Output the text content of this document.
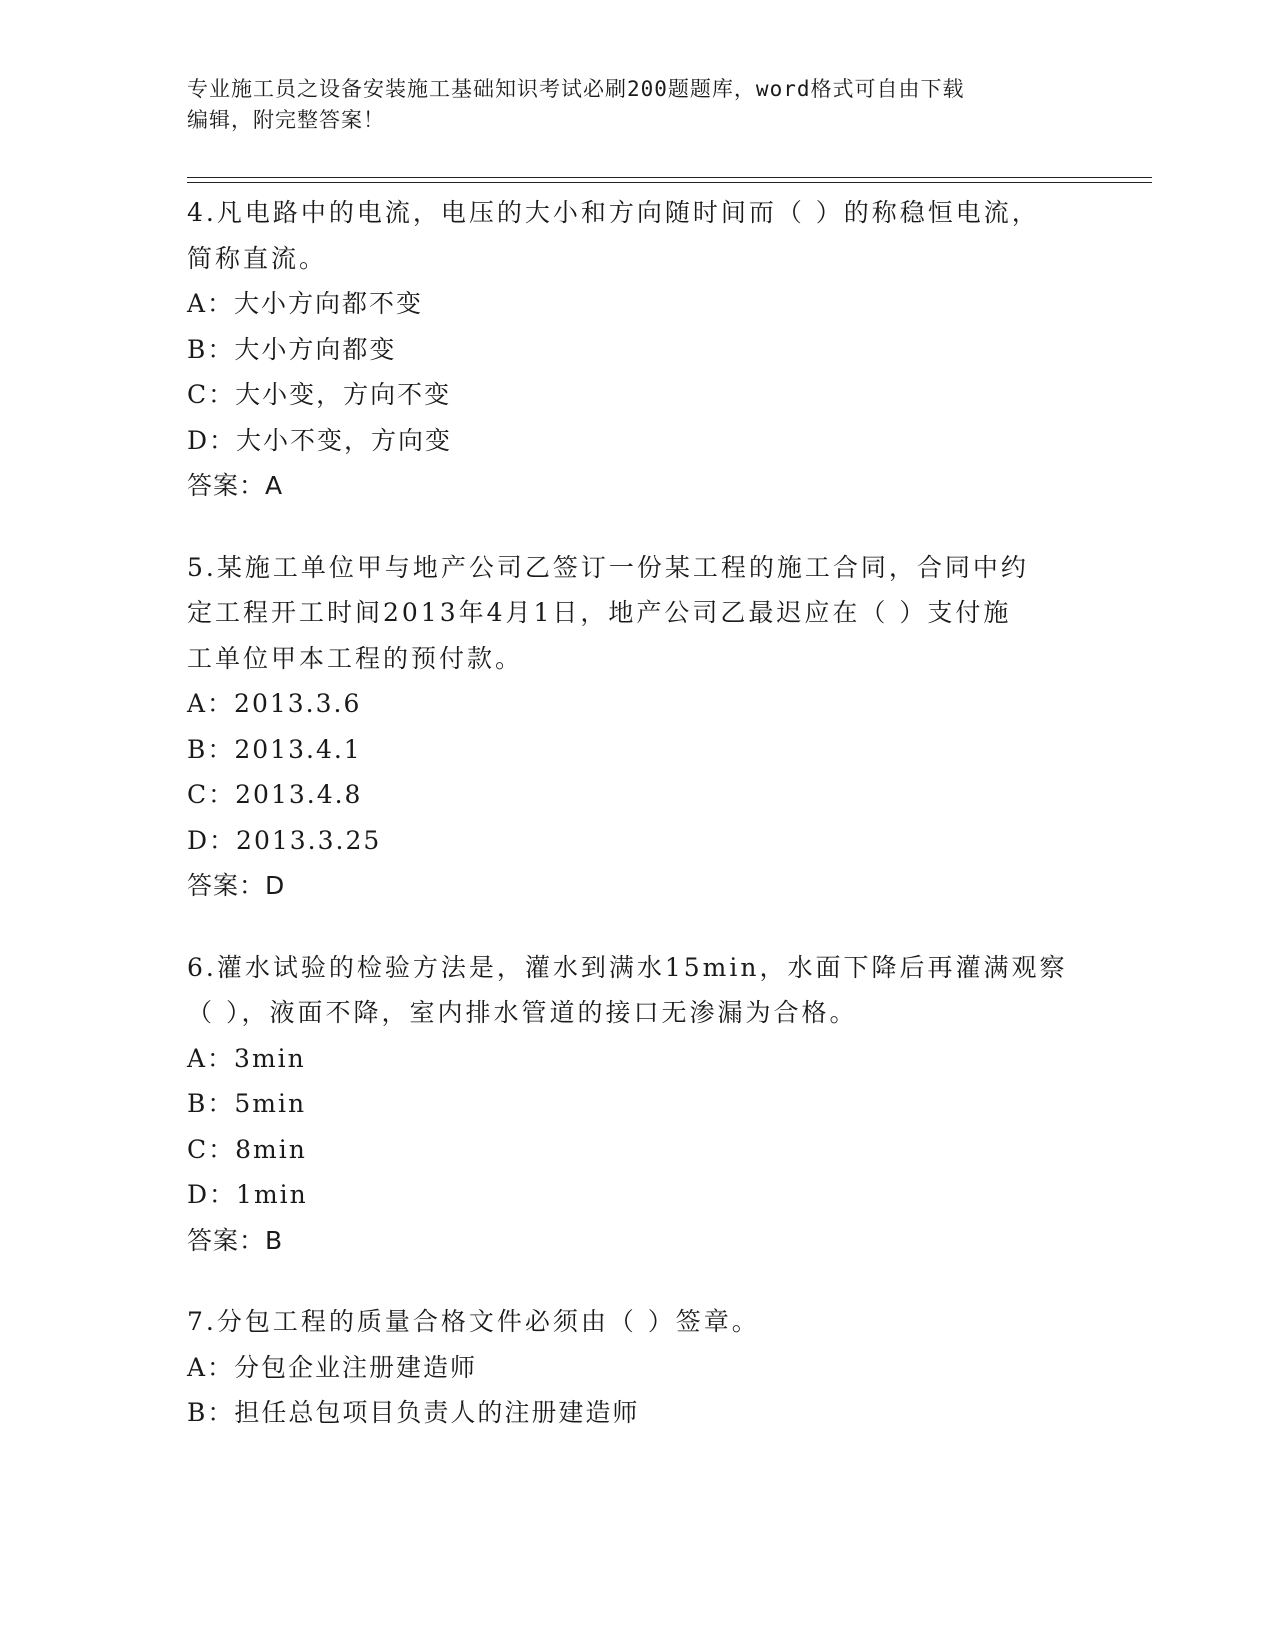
专业施工员之设备安装施工基础知识考试必刷200题题库，word格式可自由下载
编辑，附完整答案！

4.凡电路中的电流，电压的大小和方向随时间而（ ）的称稳恒电流，

简称直流。

A：大小方向都不变

B：大小方向都变

C：大小变，方向不变

D：大小不变，方向变

答案：A

5.某施工单位甲与地产公司乙签订一份某工程的施工合同，合同中约

定工程开工时间2013年4月1日，地产公司乙最迟应在（ ）支付施

工单位甲本工程的预付款。

A：2013.3.6

B：2013.4.1

C：2013.4.8

D：2013.3.25

答案：D

6.灌水试验的检验方法是，灌水到满水15min，水面下降后再灌满观察

（ ），液面不降，室内排水管道的接口无渗漏为合格。

A：3min

B：5min

C：8min

D：1min

答案：B

7.分包工程的质量合格文件必须由（ ）签章。

A：分包企业注册建造师

B：担任总包项目负责人的注册建造师
